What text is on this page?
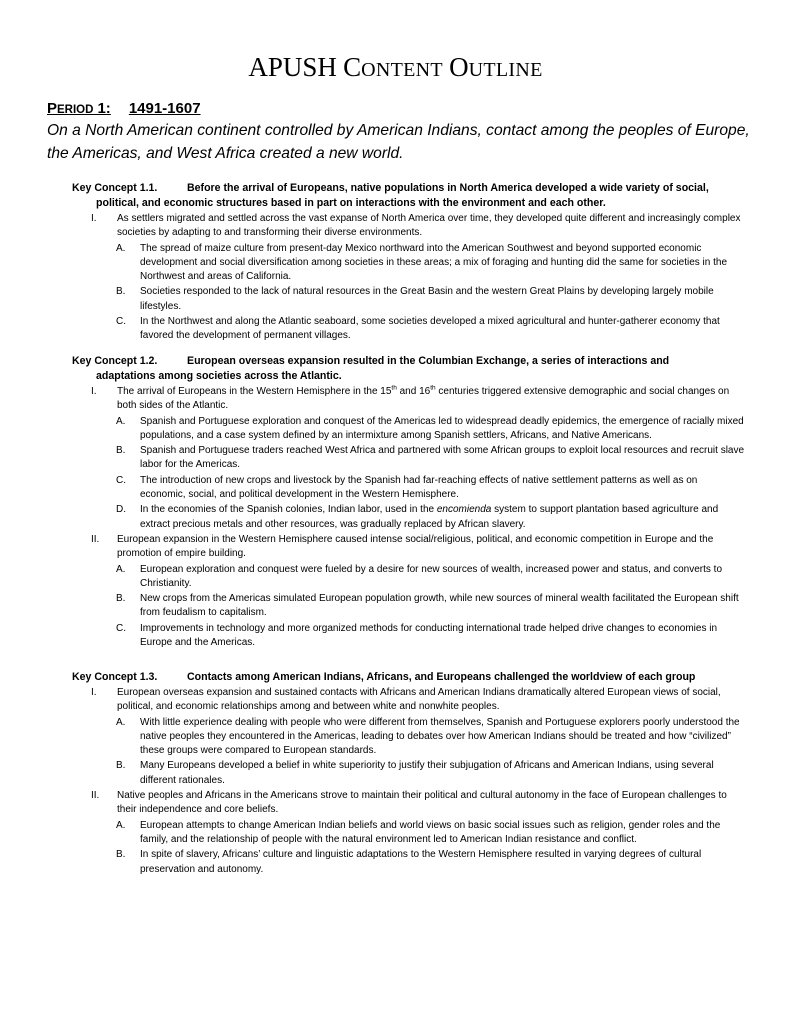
APUSH CONTENT OUTLINE
PERIOD 1: 1491-1607

On a North American continent controlled by American Indians, contact among the peoples of Europe, the Americas, and West Africa created a new world.

Key Concept 1.1.	Before the arrival of Europeans, native populations in North America developed a wide variety of social,
political, and economic structures based in part on interactions with the environment and each other.
I. As settlers migrated and settled across the vast expanse of North America over time, they developed quite different and increasingly complex societies by adapting to and transforming their diverse environments.
A. The spread of maize culture from present-day Mexico northward into the American Southwest and beyond supported economic development and social diversification among societies in these areas; a mix of foraging and hunting did the same for societies in the Northwest and areas of California.
B. Societies responded to the lack of natural resources in the Great Basin and the western Great Plains by developing largely mobile lifestyles.
C. In the Northwest and along the Atlantic seaboard, some societies developed a mixed agricultural and hunter-gatherer economy that favored the development of permanent villages.
Key Concept 1.2.	European overseas expansion resulted in the Columbian Exchange, a series of interactions and
adaptations among societies across the Atlantic.
I. The arrival of Europeans in the Western Hemisphere in the 15th and 16th centuries triggered extensive demographic and social changes on both sides of the Atlantic.
A. Spanish and Portuguese exploration and conquest of the Americas led to widespread deadly epidemics, the emergence of racially mixed populations, and a case system defined by an intermixture among Spanish settlers, Africans, and Native Americans.
B. Spanish and Portuguese traders reached West Africa and partnered with some African groups to exploit local resources and recruit slave labor for the Americas.
C. The introduction of new crops and livestock by the Spanish had far-reaching effects of native settlement patterns as well as on economic, social, and political development in the Western Hemisphere.
D. In the economies of the Spanish colonies, Indian labor, used in the encomienda system to support plantation based agriculture and extract precious metals and other resources, was gradually replaced by African slavery.
II. European expansion in the Western Hemisphere caused intense social/religious, political, and economic competition in Europe and the promotion of empire building.
A. European exploration and conquest were fueled by a desire for new sources of wealth, increased power and status, and converts to Christianity.
B. New crops from the Americas simulated European population growth, while new sources of mineral wealth facilitated the European shift from feudalism to capitalism.
C. Improvements in technology and more organized methods for conducting international trade helped drive changes to economies in Europe and the Americas.
Key Concept 1.3.	Contacts among American Indians, Africans, and Europeans challenged the worldview of each group
I. European overseas expansion and sustained contacts with Africans and American Indians dramatically altered European views of social, political, and economic relationships among and between white and nonwhite peoples.
A. With little experience dealing with people who were different from themselves, Spanish and Portuguese explorers poorly understood the native peoples they encountered in the Americas, leading to debates over how American Indians should be treated and how “civilized” these groups were compared to European standards.
B. Many Europeans developed a belief in white superiority to justify their subjugation of Africans and American Indians, using several different rationales.
II. Native peoples and Africans in the Americans strove to maintain their political and cultural autonomy in the face of European challenges to their independence and core beliefs.
A. European attempts to change American Indian beliefs and world views on basic social issues such as religion, gender roles and the family, and the relationship of people with the natural environment led to American Indian resistance and conflict.
B. In spite of slavery, Africans’ culture and linguistic adaptations to the Western Hemisphere resulted in varying degrees of cultural preservation and autonomy.
